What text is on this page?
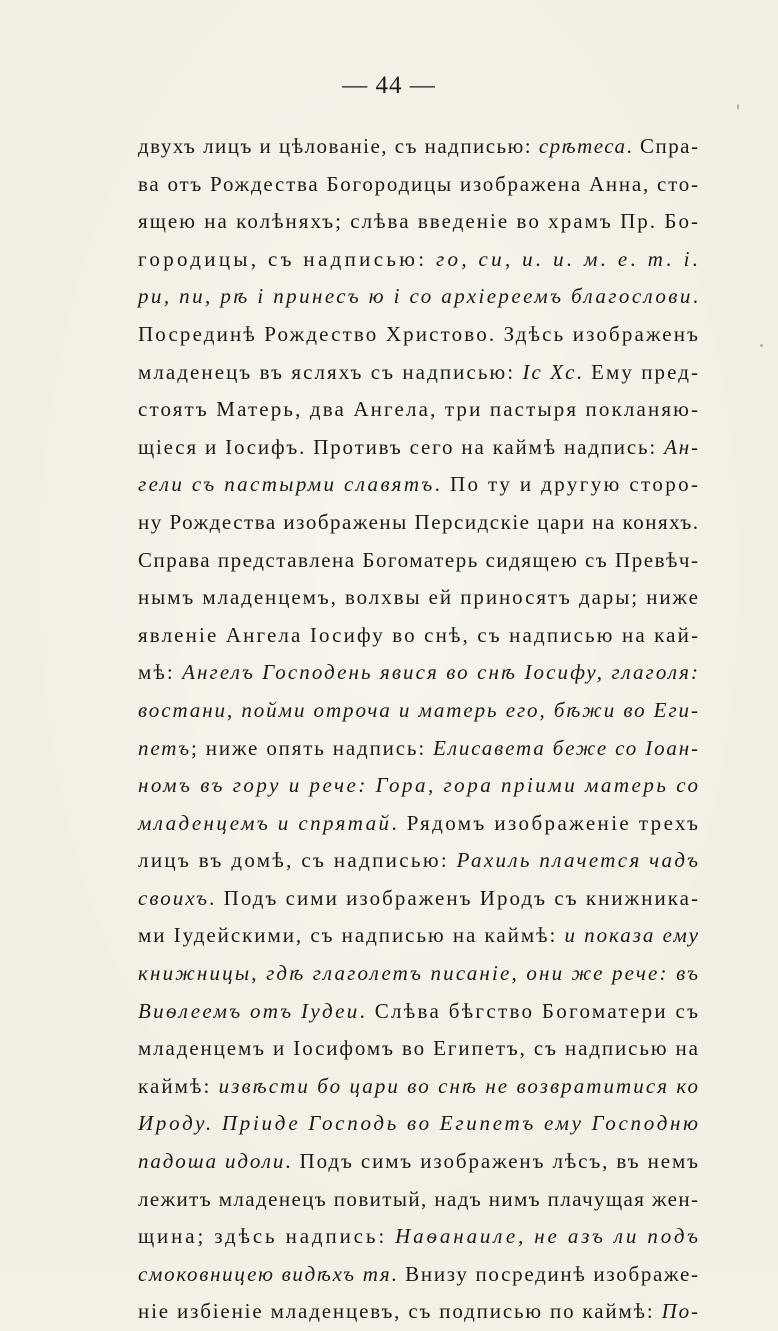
— 44 —
двухъ лицъ и цѣлованіе, съ надписью: срѣтеса. Спра-
ва отъ Рождества Богородицы изображена Анна, сто-
ящею на колѣняхъ; слѣва введеніе во храмъ Пр. Бо-
городицы, съ надписью: го, си, и. и. м. е. т. і.
ри, пи, рѣ і принесъ ю і со архіереемъ благослови.
Посрединѣ Рождество Христово. Здѣсь изображенъ
младенецъ въ ясляхъ съ надписью: Іс Хс. Ему пред-
стоятъ Матерь, два Ангела, три пастыря покланяю-
щіеся и Іосифъ. Противъ сего на каймѣ надпись: Ан-
гели съ пастырми славятъ. По ту и другую сторо-
ну Рождества изображены Персидскіе цари на коняхъ.
Справа представлена Богоматерь сидящею съ Превѣч-
нымъ младенцемъ, волхвы ей приносятъ дары; ниже
явленіе Ангела Іосифу во снѣ, съ надписью на кай-
мѣ: Ангелъ Господень явися во снѣ Іосифу, глаголя:
востани, пойми отроча и матерь его, бѣжи во Еги-
петъ; ниже опять надпись: Елисавета беже со Іоан-
номъ въ гору и рече: Гора, гора пріими матерь со
младенцемъ и спрятай. Рядомъ изображеніе трехъ
лицъ въ домѣ, съ надписью: Рахиль плачется чадъ
своихъ. Подъ сими изображенъ Иродъ съ книжника-
ми Іудейскими, съ надписью на каймѣ: и показа ему
книжницы, гдѣ глаголетъ писаніе, они же рече: въ
Виѳлеемъ отъ Іудеи. Слѣва бѣгство Богоматери съ
младенцемъ и Іосифомъ во Египетъ, съ надписью на
каймѣ: извѣсти бо цари во снѣ не возвратитися ко
Ироду. Пріиде Господь во Египетъ ему Господню
падоша идоли. Подъ симъ изображенъ лѣсъ, въ немъ
лежитъ младенецъ повитый, надъ нимъ плачущая жен-
щина; здѣсь надпись: Наѳанаиле, не азъ ли подъ
смоковницею видѣхъ тя. Внизу посрединѣ изображе-
ніе избіеніе младенцевъ, съ подписью по каймѣ: По-
